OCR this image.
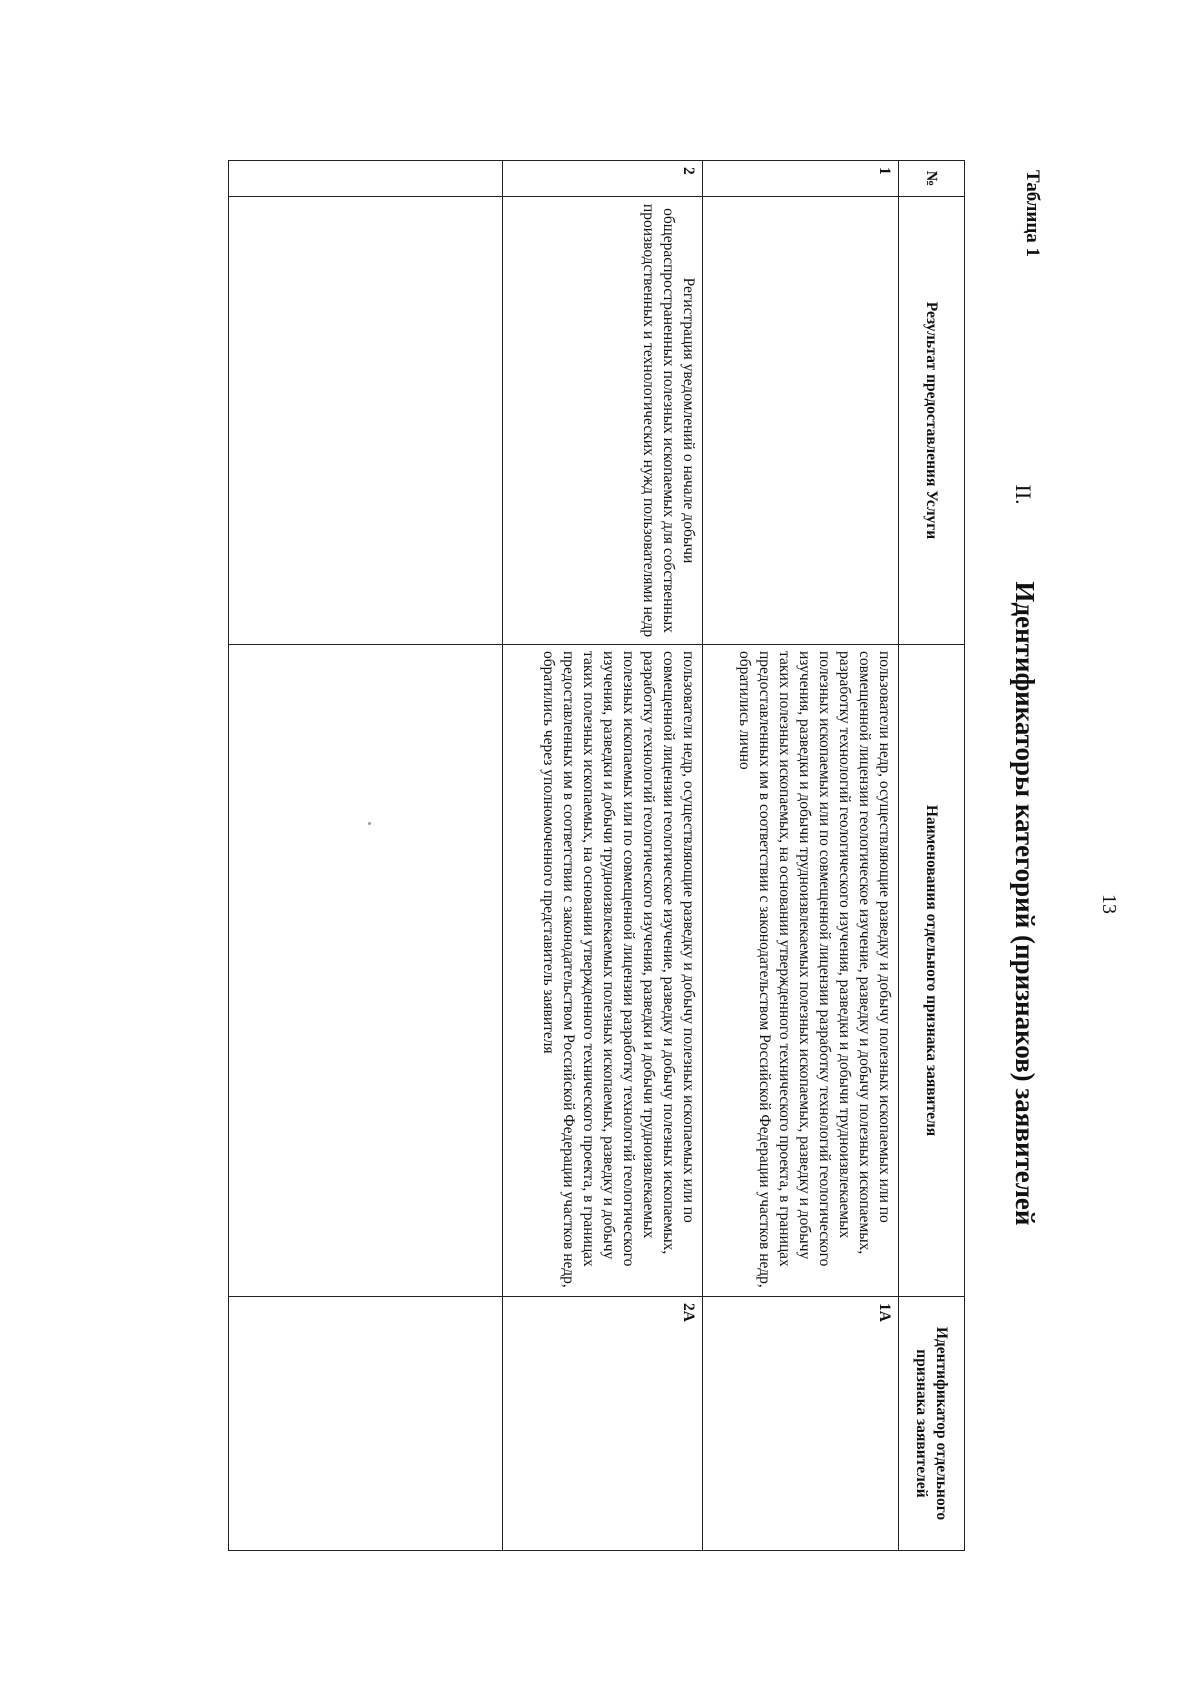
13
II. Идентификаторы категорий (признаков) заявителей
Таблица 1
№	Результат предоставления Услуги	Наименования отдельного признака заявителя	Идентификатор отдельного признака заявителей
1		пользователи недр, осуществляющие разведку и добычу полезных ископаемых или по совмещенной лицензии геологическое изучение, разведку и добычу полезных ископаемых, разработку технологий геологического изучения, разведки и добычи трудноизвлекаемых полезных ископаемых или по совмещенной лицензии разработку технологий геологического изучения, разведки и добычи трудноизвлекаемых полезных ископаемых, разведку и добычу таких полезных ископаемых, на основании утвержденного технического проекта, в границах предоставленных им в соответствии с законодательством Российской Федерации участков недр, обратились лично	1А
2	Регистрация уведомлений о начале добычи общераспространенных полезных ископаемых для собственных производственных и технологических нужд пользователями недр	пользователи недр, осуществляющие разведку и добычу полезных ископаемых или по совмещенной лицензии геологическое изучение, разведку и добычу полезных ископаемых, разработку технологий геологического изучения, разведки и добычи трудноизвлекаемых полезных ископаемых или по совмещенной лицензии разработку технологий геологического изучения, разведки и добычи трудноизвлекаемых полезных ископаемых, разведку и добычу таких полезных ископаемых, на основании утвержденного технического проекта, в границах предоставленных им в соответствии с законодательством Российской Федерации участков недр, обратились через уполномоченного представитель заявителя	2А
